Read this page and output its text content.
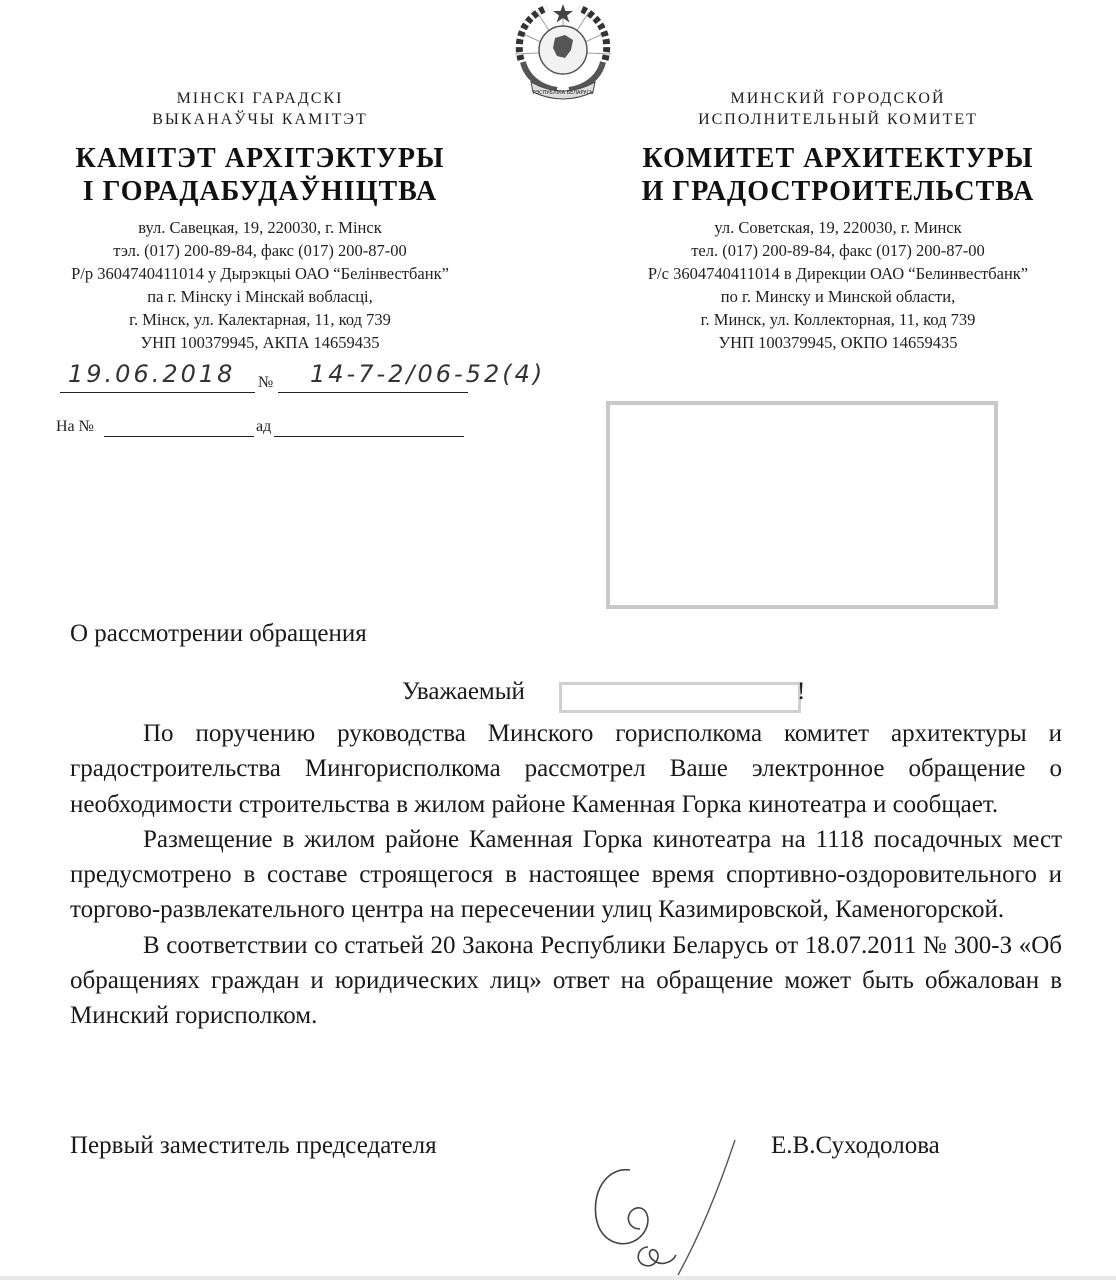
РЭСПУБЛІКА БЕЛАРУСЬ
МІНСКІ ГАРАДСКІ
ВЫКАНАЎЧЫ КАМІТЭТ
КАМІТЭТ АРХІТЭКТУРЫ
І ГОРАДАБУДАЎНІЦТВА
вул. Савецкая, 19, 220030, г. Мінск
тэл. (017) 200-89-84, факс (017) 200-87-00
Р/р 3604740411014 у Дырэкцыі ОАО “Белінвестбанк”
па г. Мінску і Мінскай вобласці,
г. Мінск, ул. Калектарная, 11, код 739
УНП 100379945, АКПА 14659435
МИНСКИЙ ГОРОДСКОЙ
ИСПОЛНИТЕЛЬНЫЙ КОМИТЕТ
КОМИТЕТ АРХИТЕКТУРЫ
И ГРАДОСТРОИТЕЛЬСТВА
ул. Советская, 19, 220030, г. Минск
тел. (017) 200-89-84, факс (017) 200-87-00
Р/с 3604740411014 в Дирекции ОАО “Белинвестбанк”
по г. Минску и Минской области,
г. Минск, ул. Коллекторная, 11, код 739
УНП 100379945, ОКПО 14659435
19.06.2018 № 14-7-2/06-52(4)
На №	ад
О рассмотрении обращения
Уважаемый	!

По поручению руководства Минского горисполкома комитет архитектуры и градостроительства Мингорисполкома рассмотрел Ваше электронное обращение о необходимости строительства в жилом районе Каменная Горка кинотеатра и сообщает.

Размещение в жилом районе Каменная Горка кинотеатра на 1118 посадочных мест предусмотрено в составе строящегося в настоящее время спортивно-оздоровительного и торгово-развлекательного центра на пересечении улиц Казимировской, Каменогорской.

В соответствии со статьей 20 Закона Республики Беларусь от 18.07.2011 № 300-З «Об обращениях граждан и юридических лиц» ответ на обращение может быть обжалован в Минский горисполком.

Первый заместитель председателя	Е.В.Суходолова
